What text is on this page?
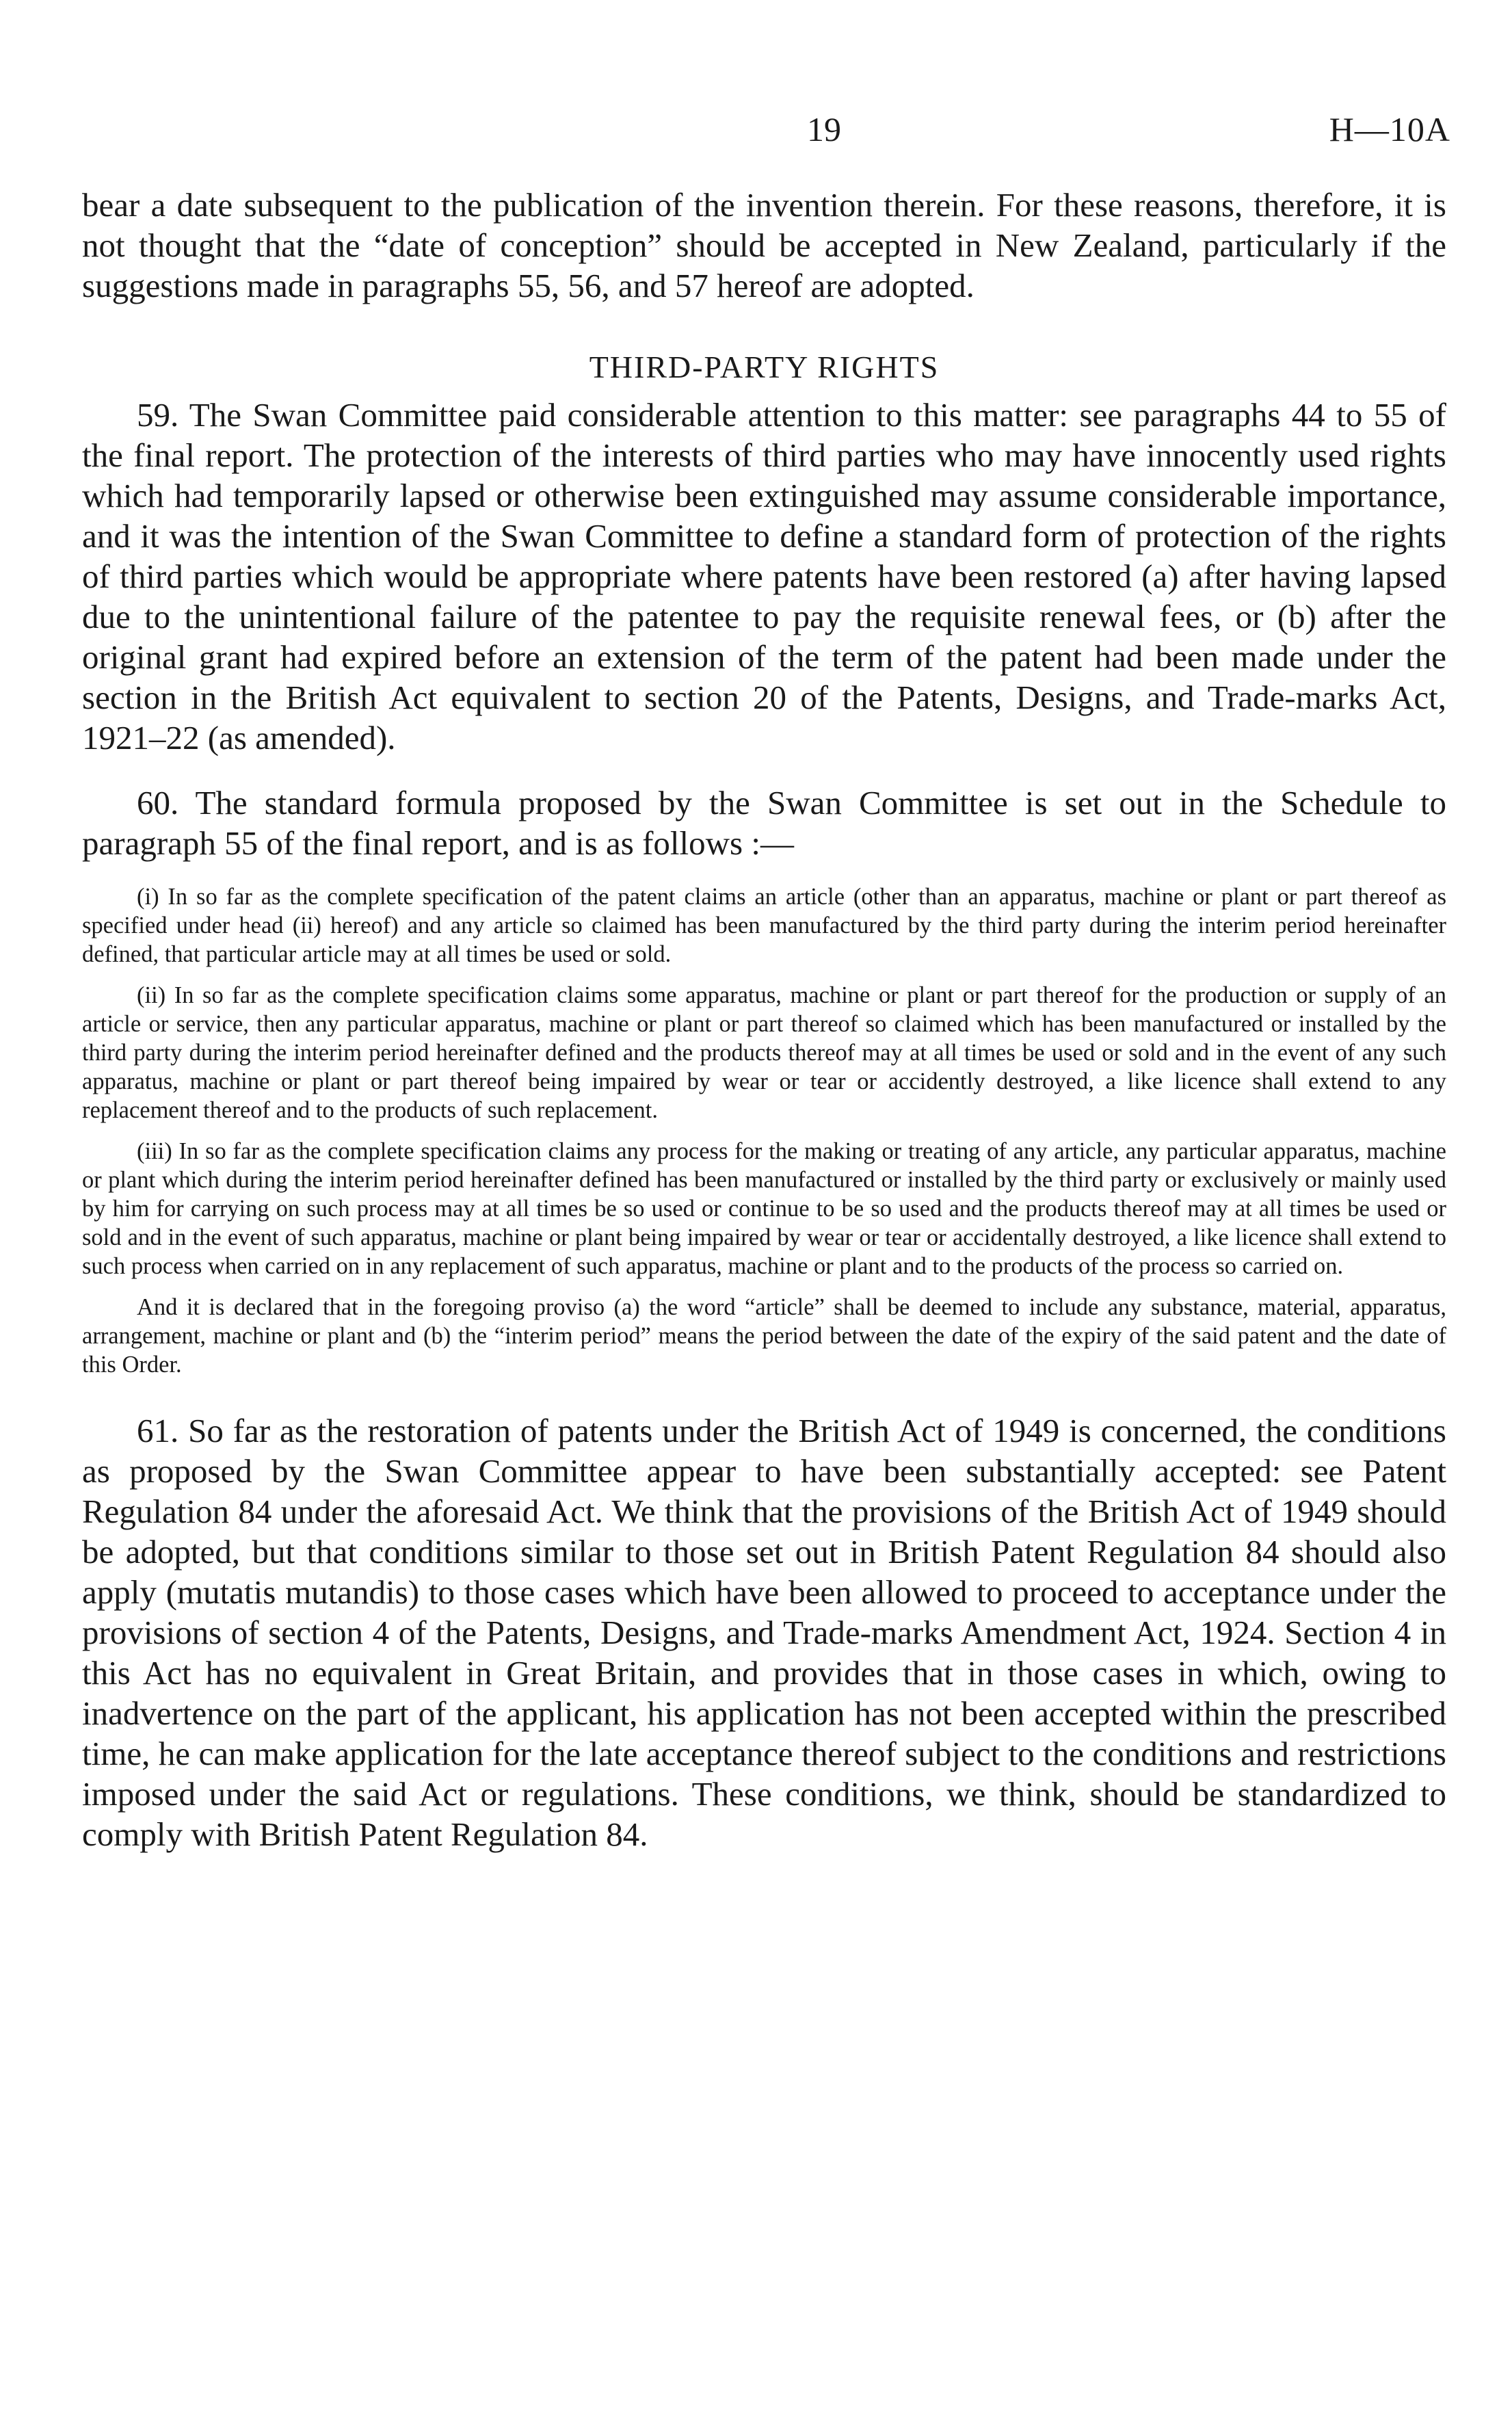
19	H—10A

bear a date subsequent to the publication of the invention therein. For these reasons, therefore, it is not thought that the “date of conception” should be accepted in New Zealand, particularly if the suggestions made in paragraphs 55, 56, and 57 hereof are adopted.

THIRD-PARTY RIGHTS

59. The Swan Committee paid considerable attention to this matter: see paragraphs 44 to 55 of the final report. The protection of the interests of third parties who may have innocently used rights which had temporarily lapsed or otherwise been extinguished may assume considerable importance, and it was the intention of the Swan Committee to define a standard form of protection of the rights of third parties which would be appropriate where patents have been restored (a) after having lapsed due to the unintentional failure of the patentee to pay the requisite renewal fees, or (b) after the original grant had expired before an extension of the term of the patent had been made under the section in the British Act equivalent to section 20 of the Patents, Designs, and Trade-marks Act, 1921–22 (as amended).

60. The standard formula proposed by the Swan Committee is set out in the Schedule to paragraph 55 of the final report, and is as follows :—

(i) In so far as the complete specification of the patent claims an article (other than an apparatus, machine or plant or part thereof as specified under head (ii) hereof) and any article so claimed has been manufactured by the third party during the interim period hereinafter defined, that particular article may at all times be used or sold.

(ii) In so far as the complete specification claims some apparatus, machine or plant or part thereof for the production or supply of an article or service, then any particular apparatus, machine or plant or part thereof so claimed which has been manufactured or installed by the third party during the interim period hereinafter defined and the products thereof may at all times be used or sold and in the event of any such apparatus, machine or plant or part thereof being impaired by wear or tear or accidently destroyed, a like licence shall extend to any replacement thereof and to the products of such replacement.

(iii) In so far as the complete specification claims any process for the making or treating of any article, any particular apparatus, machine or plant which during the interim period hereinafter defined has been manufactured or installed by the third party or exclusively or mainly used by him for carrying on such process may at all times be so used or continue to be so used and the products thereof may at all times be used or sold and in the event of such apparatus, machine or plant being impaired by wear or tear or accidentally destroyed, a like licence shall extend to such process when carried on in any replacement of such apparatus, machine or plant and to the products of the process so carried on.

And it is declared that in the foregoing proviso (a) the word “article” shall be deemed to include any substance, material, apparatus, arrangement, machine or plant and (b) the “interim period” means the period between the date of the expiry of the said patent and the date of this Order.

61. So far as the restoration of patents under the British Act of 1949 is concerned, the conditions as proposed by the Swan Committee appear to have been substantially accepted: see Patent Regulation 84 under the aforesaid Act. We think that the provisions of the British Act of 1949 should be adopted, but that conditions similar to those set out in British Patent Regulation 84 should also apply (mutatis mutandis) to those cases which have been allowed to proceed to acceptance under the provisions of section 4 of the Patents, Designs, and Trade-marks Amendment Act, 1924. Section 4 in this Act has no equivalent in Great Britain, and provides that in those cases in which, owing to inadvertence on the part of the applicant, his application has not been accepted within the prescribed time, he can make application for the late acceptance thereof subject to the conditions and restrictions imposed under the said Act or regulations. These conditions, we think, should be standardized to comply with British Patent Regulation 84.
